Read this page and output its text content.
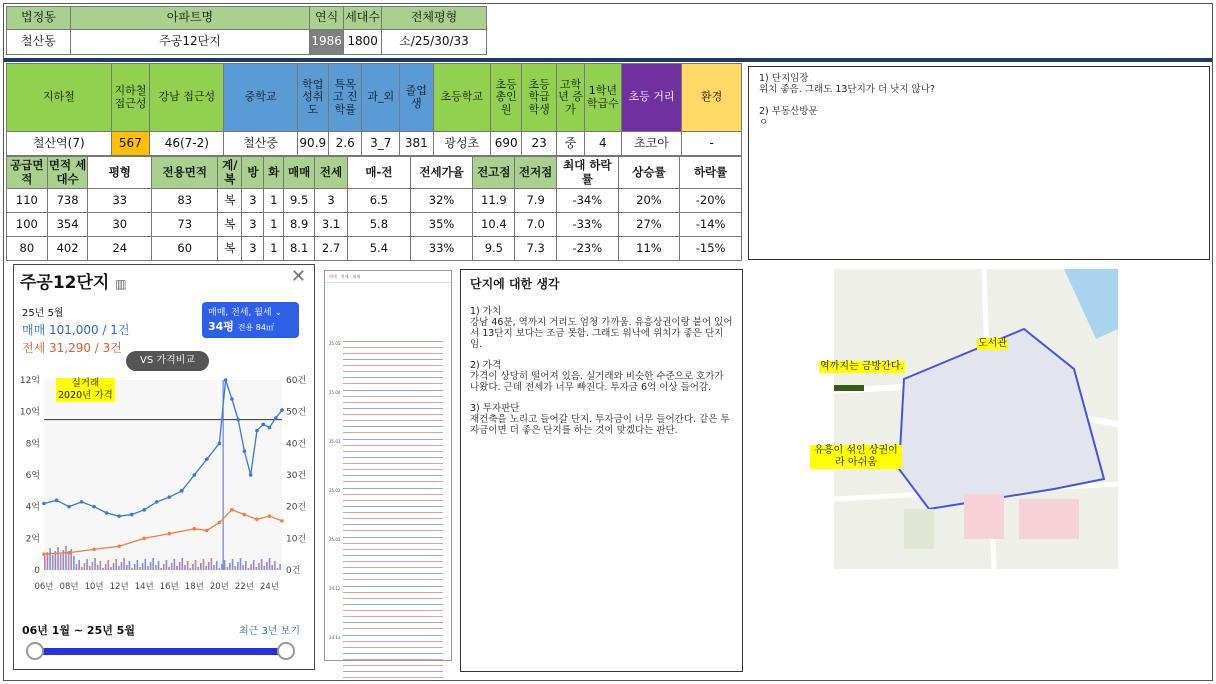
법정동	아파트명	연식	세대수	전체평형
철산동	주공12단지	1986	1800	소/25/30/33
지하철	지하철 접근성	강남 접근성	중학교	학업 성취도	특목고 진학률	과_외	졸업생	초등학교	초등 총인원	초등 학급 학생	고학년 증가	1학년 학급수	초등 거리	환경
철산역(7)	567	46(7-2)	철산중	90.9	2.6	3_7	381	광성초	690	23	중	4	초코아	-
공급면적	면적 세대수	평형	전용면적	계/복	방	화	매매	전세	매-전	전세가율	전고점	전저점	최대 하락률	상승률	하락률
110	738	33	83	복	3	1	9.5	3	6.5	32%	11.9	7.9	-34%	20%	-20%
100	354	30	73	복	3	1	8.9	3.1	5.8	35%	10.4	7.0	-33%	27%	-14%
80	402	24	60	복	3	1	8.1	2.7	5.4	33%	9.5	7.3	-23%	11%	-15%
1) 단지임장
위치 좋음. 그래도 13단지가 더 낫지 않나?
2) 부동산방문
ㅇ
주공12단지 ▥	✕
25년 5월
매매 101,000 / 1건
전세 31,290 / 3건
매매, 전세, 월세 ⌄
34평 전용 84㎡
VS 가격비교
12억
10억
8억
6억
4억
2억
0
60건
50건
40건
30건
20건
10건
0건
06년 08년 10년 12년 14년 16년 18년 20년 22년 24년
실거래
2020년 가격
06년 1월 ~ 25년 5월	최근 3년 보기
매매 전세 월세
25.05
25.04
25.03
25.02
25.01
24.12
24.11
단지에 대한 생각
1) 가치
강남 46분, 역까지 거리도 엄청 가까움. 유흥상권이랑 붙어 있어서 13단지 보다는 조금 못함. 그래도 워낙에 위치가 좋은 단지임.
2) 가격
가격이 상당히 떨어져 있음. 실거래와 비슷한 수준으로 호가가 나왔다. 근데 전세가 너무 빠진다. 투자금 6억 이상 들어감.
3) 투자판단
재건축을 노리고 들어갈 단지. 투자금이 너무 들어간다. 같은 투자금이면 더 좋은 단지를 하는 것이 맞겠다는 판단.
도서관
역까지는 금방간다.
유흥이 섞인 상권이라 아쉬움
